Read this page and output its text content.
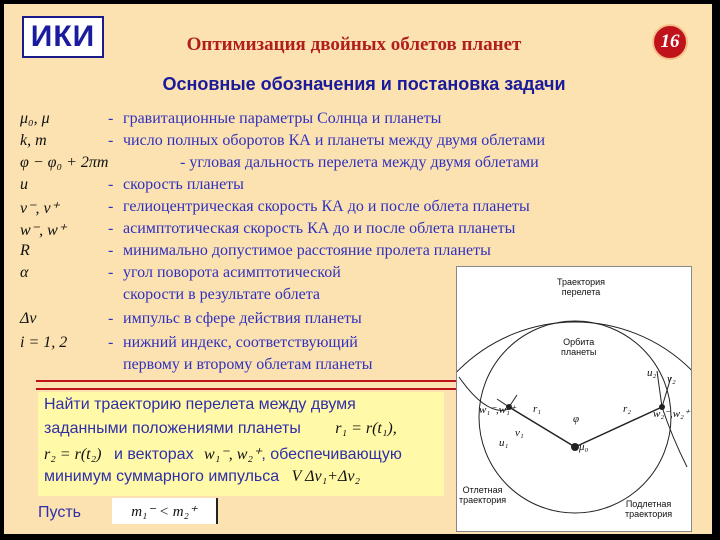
ИКИ	Оптимизация двойных облетов планет	16
Основные обозначения и постановка задачи
μ₀, μ	- гравитационные параметры Солнца и планеты
k, m	- число полных оборотов КА и планеты между двумя облетами
φ − φ₀ + 2πm	- угловая дальность перелета между двумя облетами
u	- скорость планеты
v⁻, v⁺	- гелиоцентрическая скорость КА до и после облета планеты
w⁻, w⁺	- асимптотическая скорость КА до и после облета планеты
R	- минимально допустимое расстояние пролета планеты
α	- угол поворота асимптотической
скорости в результате облета
Δv	- импульс в сфере действия планеты
i = 1, 2	- нижний индекс, соответствующий
первому и второму облетам планеты
Найти траекторию перелета между двумя
заданными положениями планеты r₁ = r(t₁),
r₂ = r(t₂) и векторах w₁⁻, w₂⁺, обеспечивающую
минимум суммарного импульса V Δv₁+Δv₂
Пусть	m₁⁻ < m₂⁺
Траектория
перелета
Орбита
планеты
Отлетная
траектория	Подлетная
траектория
φ
μ₀
r₁	r₂
w₁⁻,w₁⁺	w₂⁻,w₂⁺
v₁
u₁
u₂ v₂
